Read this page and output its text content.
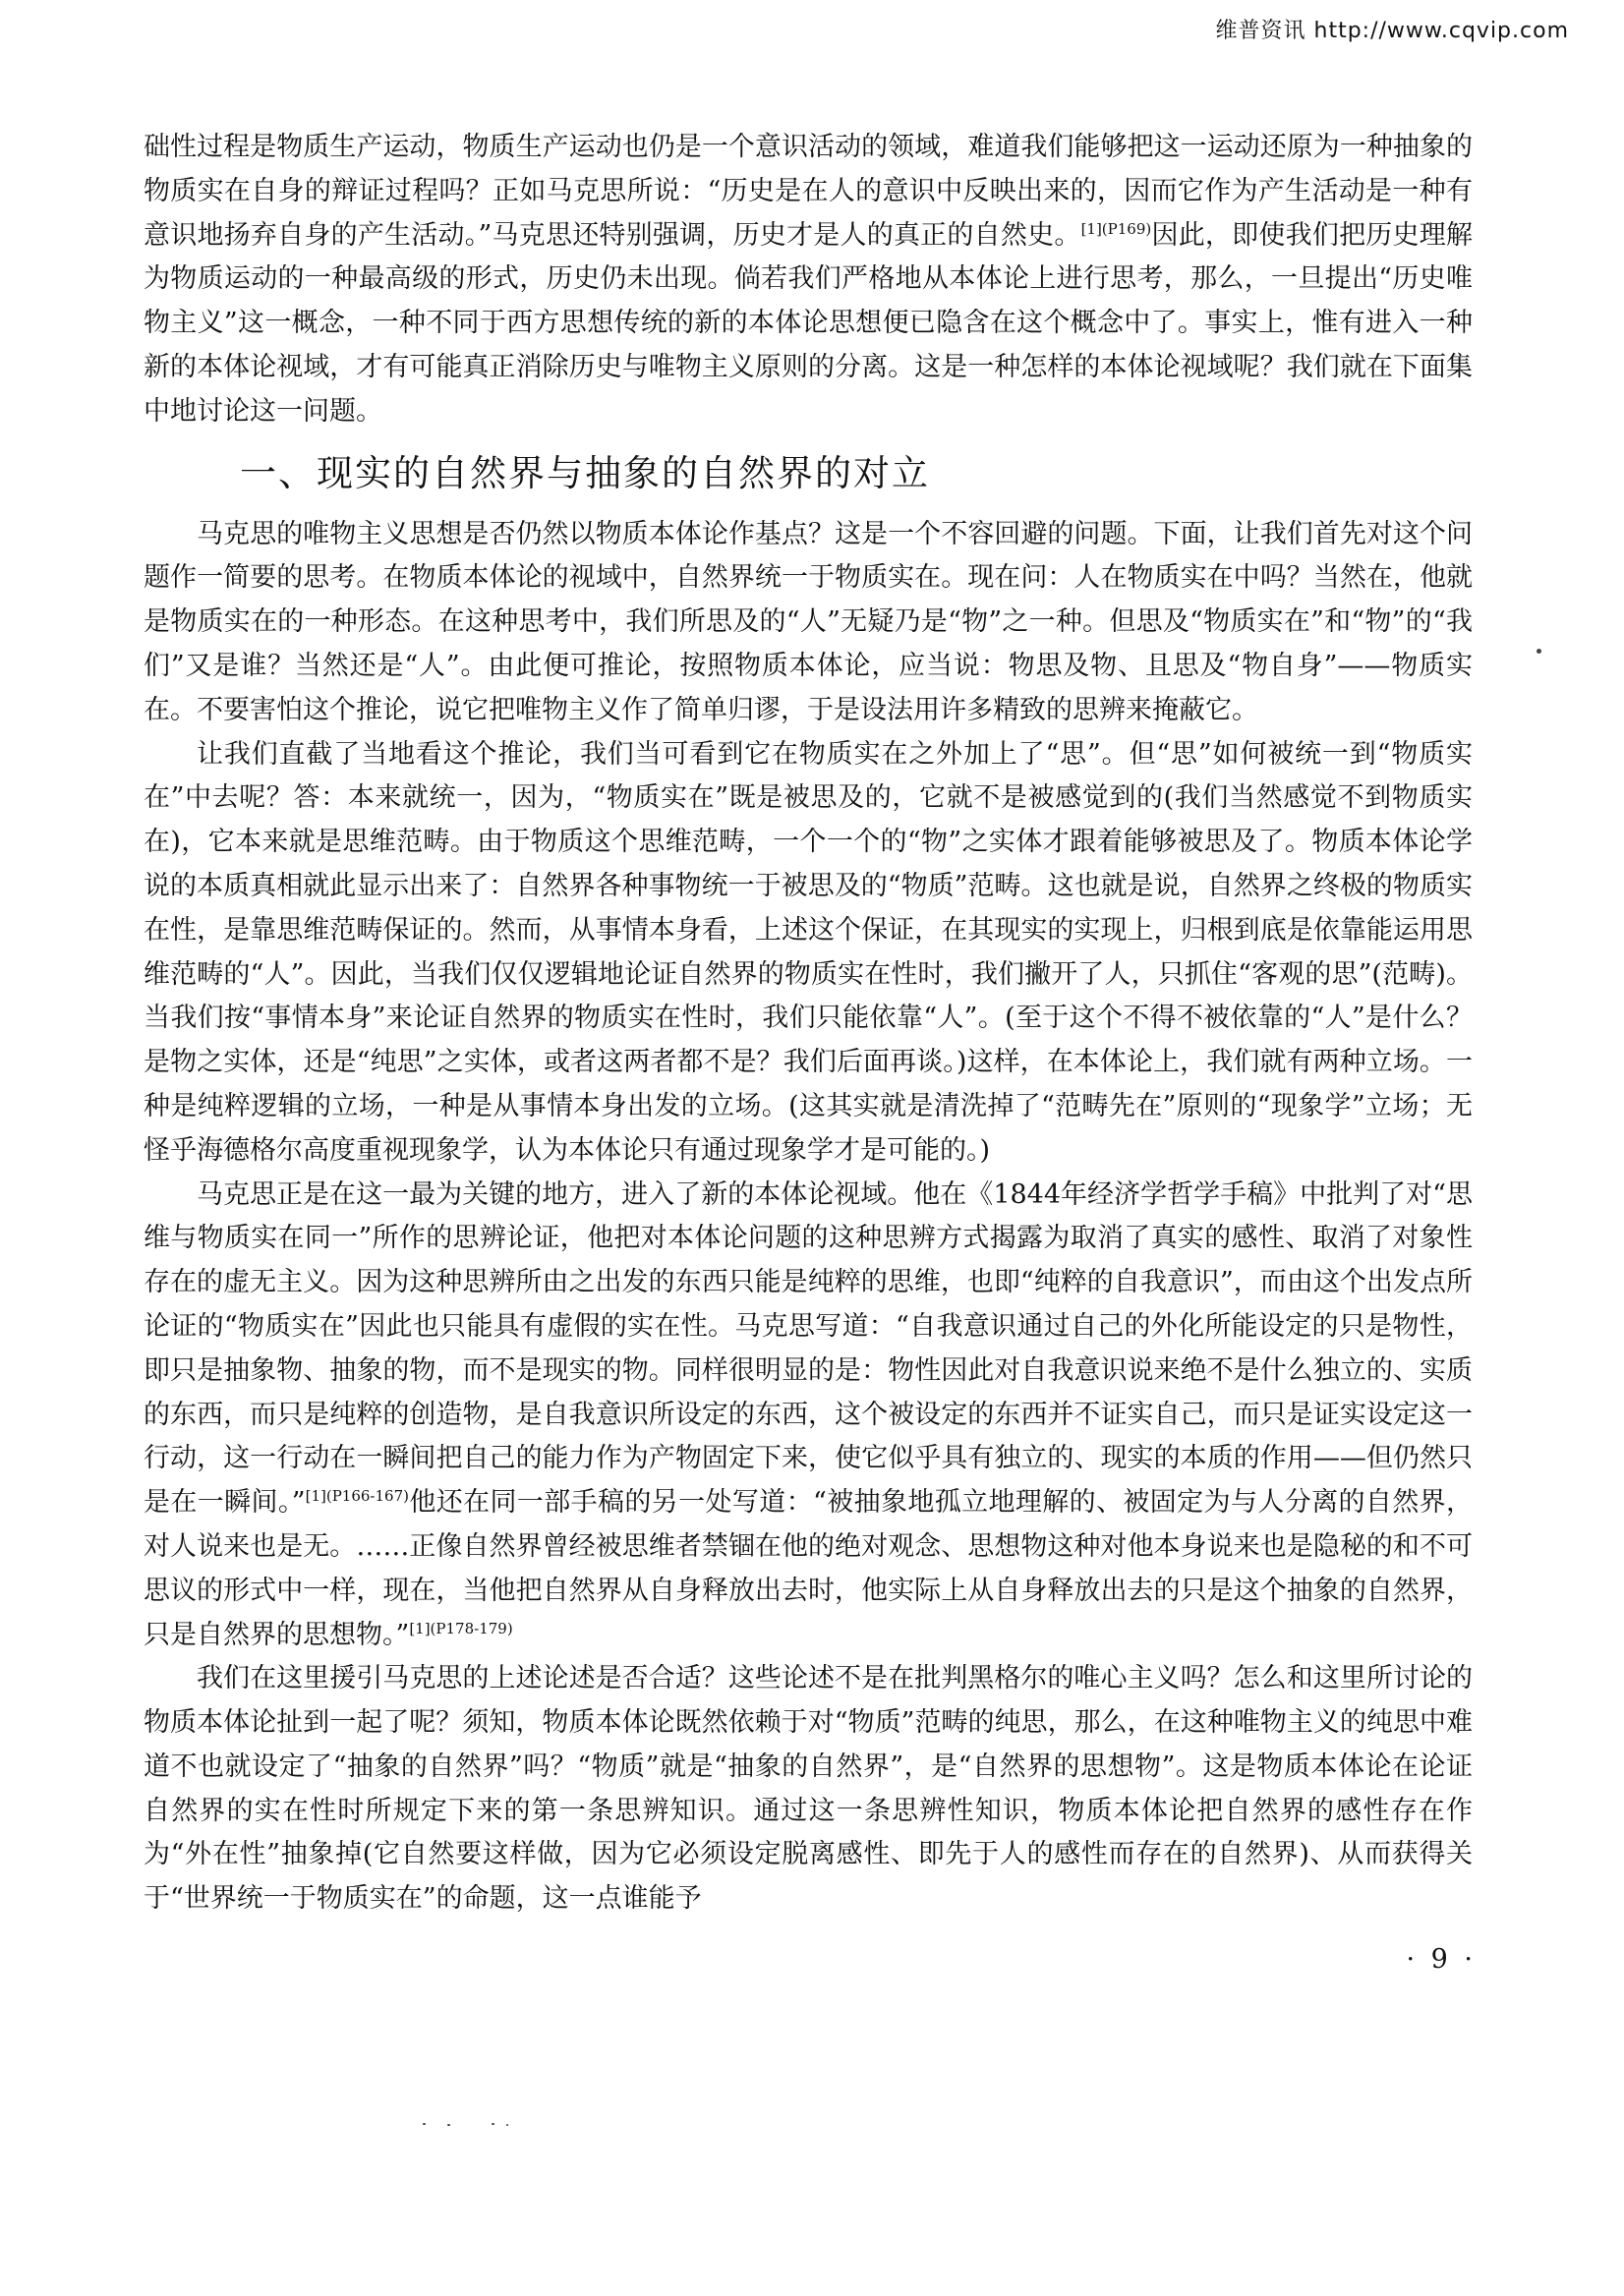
维普资讯 http://www.cqvip.com

础性过程是物质生产运动，物质生产运动也仍是一个意识活动的领域，难道我们能够把这一运动还原为一种抽象的物质实在自身的辩证过程吗？正如马克思所说：“历史是在人的意识中反映出来的，因而它作为产生活动是一种有意识地扬弃自身的产生活动。”马克思还特别强调，历史才是人的真正的自然史。$^{[1](P169)}$因此，即使我们把历史理解为物质运动的一种最高级的形式，历史仍未出现。倘若我们严格地从本体论上进行思考，那么，一旦提出“历史唯物主义”这一概念，一种不同于西方思想传统的新的本体论思想便已隐含在这个概念中了。事实上，惟有进入一种新的本体论视域，才有可能真正消除历史与唯物主义原则的分离。这是一种怎样的本体论视域呢？我们就在下面集中地讨论这一问题。

一、现实的自然界与抽象的自然界的对立

马克思的唯物主义思想是否仍然以物质本体论作基点？这是一个不容回避的问题。下面，让我们首先对这个问题作一简要的思考。在物质本体论的视域中，自然界统一于物质实在。现在问：人在物质实在中吗？当然在，他就是物质实在的一种形态。在这种思考中，我们所思及的“人”无疑乃是“物”之一种。但思及“物质实在”和“物”的“我们”又是谁？当然还是“人”。由此便可推论，按照物质本体论，应当说：物思及物、且思及“物自身”——物质实在。不要害怕这个推论，说它把唯物主义作了简单归谬，于是设法用许多精致的思辨来掩蔽它。

让我们直截了当地看这个推论，我们当可看到它在物质实在之外加上了“思”。但“思”如何被统一到“物质实在”中去呢？答：本来就统一，因为，“物质实在”既是被思及的，它就不是被感觉到的(我们当然感觉不到物质实在)，它本来就是思维范畴。由于物质这个思维范畴，一个一个的“物”之实体才跟着能够被思及了。物质本体论学说的本质真相就此显示出来了：自然界各种事物统一于被思及的“物质”范畴。这也就是说，自然界之终极的物质实在性，是靠思维范畴保证的。然而，从事情本身看，上述这个保证，在其现实的实现上，归根到底是依靠能运用思维范畴的“人”。因此，当我们仅仅逻辑地论证自然界的物质实在性时，我们撇开了人，只抓住“客观的思”(范畴)。当我们按“事情本身”来论证自然界的物质实在性时，我们只能依靠“人”。(至于这个不得不被依靠的“人”是什么？是物之实体，还是“纯思”之实体，或者这两者都不是？我们后面再谈。)这样，在本体论上，我们就有两种立场。一种是纯粹逻辑的立场，一种是从事情本身出发的立场。(这其实就是清洗掉了“范畴先在”原则的“现象学”立场；无怪乎海德格尔高度重视现象学，认为本体论只有通过现象学才是可能的。)

马克思正是在这一最为关键的地方，进入了新的本体论视域。他在《1844年经济学哲学手稿》中批判了对“思维与物质实在同一”所作的思辨论证，他把对本体论问题的这种思辨方式揭露为取消了真实的感性、取消了对象性存在的虚无主义。因为这种思辨所由之出发的东西只能是纯粹的思维，也即“纯粹的自我意识”，而由这个出发点所论证的“物质实在”因此也只能具有虚假的实在性。马克思写道：“自我意识通过自己的外化所能设定的只是物性，即只是抽象物、抽象的物，而不是现实的物。同样很明显的是：物性因此对自我意识说来绝不是什么独立的、实质的东西，而只是纯粹的创造物，是自我意识所设定的东西，这个被设定的东西并不证实自己，而只是证实设定这一行动，这一行动在一瞬间把自己的能力作为产物固定下来，使它似乎具有独立的、现实的本质的作用——但仍然只是在一瞬间。”$^{[1](P166-167)}$他还在同一部手稿的另一处写道：“被抽象地孤立地理解的、被固定为与人分离的自然界，对人说来也是无。……正像自然界曾经被思维者禁锢在他的绝对观念、思想物这种对他本身说来也是隐秘的和不可思议的形式中一样，现在，当他把自然界从自身释放出去时，他实际上从自身释放出去的只是这个抽象的自然界，只是自然界的思想物。”$^{[1](P178-179)}$

我们在这里援引马克思的上述论述是否合适？这些论述不是在批判黑格尔的唯心主义吗？怎么和这里所讨论的物质本体论扯到一起了呢？须知，物质本体论既然依赖于对“物质”范畴的纯思，那么，在这种唯物主义的纯思中难道不也就设定了“抽象的自然界”吗？“物质”就是“抽象的自然界”，是“自然界的思想物”。这是物质本体论在论证自然界的实在性时所规定下来的第一条思辨知识。通过这一条思辨性知识，物质本体论把自然界的感性存在作为“外在性”抽象掉(它自然要这样做，因为它必须设定脱离感性、即先于人的感性而存在的自然界)、从而获得关于“世界统一于物质实在”的命题，这一点谁能予

· 9 ·
